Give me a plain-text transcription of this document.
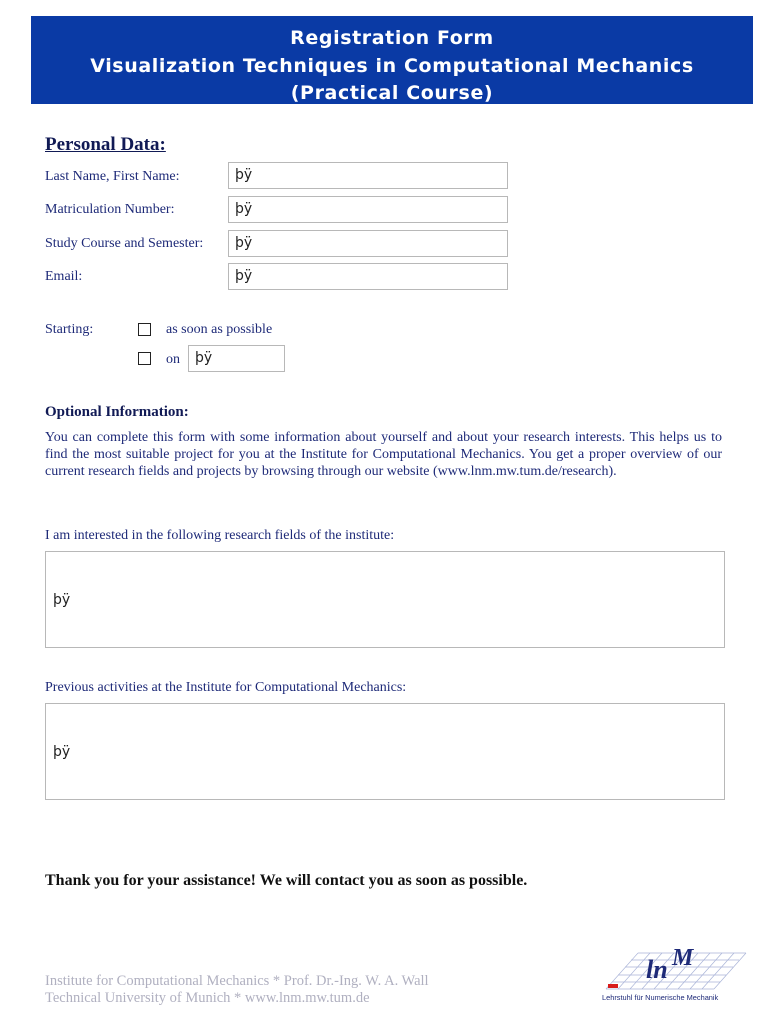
Registration Form
Visualization Techniques in Computational Mechanics
(Practical Course)
Personal Data:
Last Name, First Name:	þÿ
Matriculation Number:	þÿ
Study Course and Semester:	þÿ
Email:	þÿ
Starting:	as soon as possible
on	þÿ
Optional Information:
You can complete this form with some information about yourself and about your research interests. This helps us to find the most suitable project for you at the Institute for Computational Mechanics. You get a proper overview of our current research fields and projects by browsing through our website (www.lnm.mw.tum.de/research).
I am interested in the following research fields of the institute:
þÿ
Previous activities at the Institute for Computational Mechanics:
þÿ
Thank you for your assistance! We will contact you as soon as possible.
Institute for Computational Mechanics * Prof. Dr.-Ing. W. A. Wall
Technical University of Munich * www.lnm.mw.tum.de
ln M
Lehrstuhl für Numerische Mechanik
